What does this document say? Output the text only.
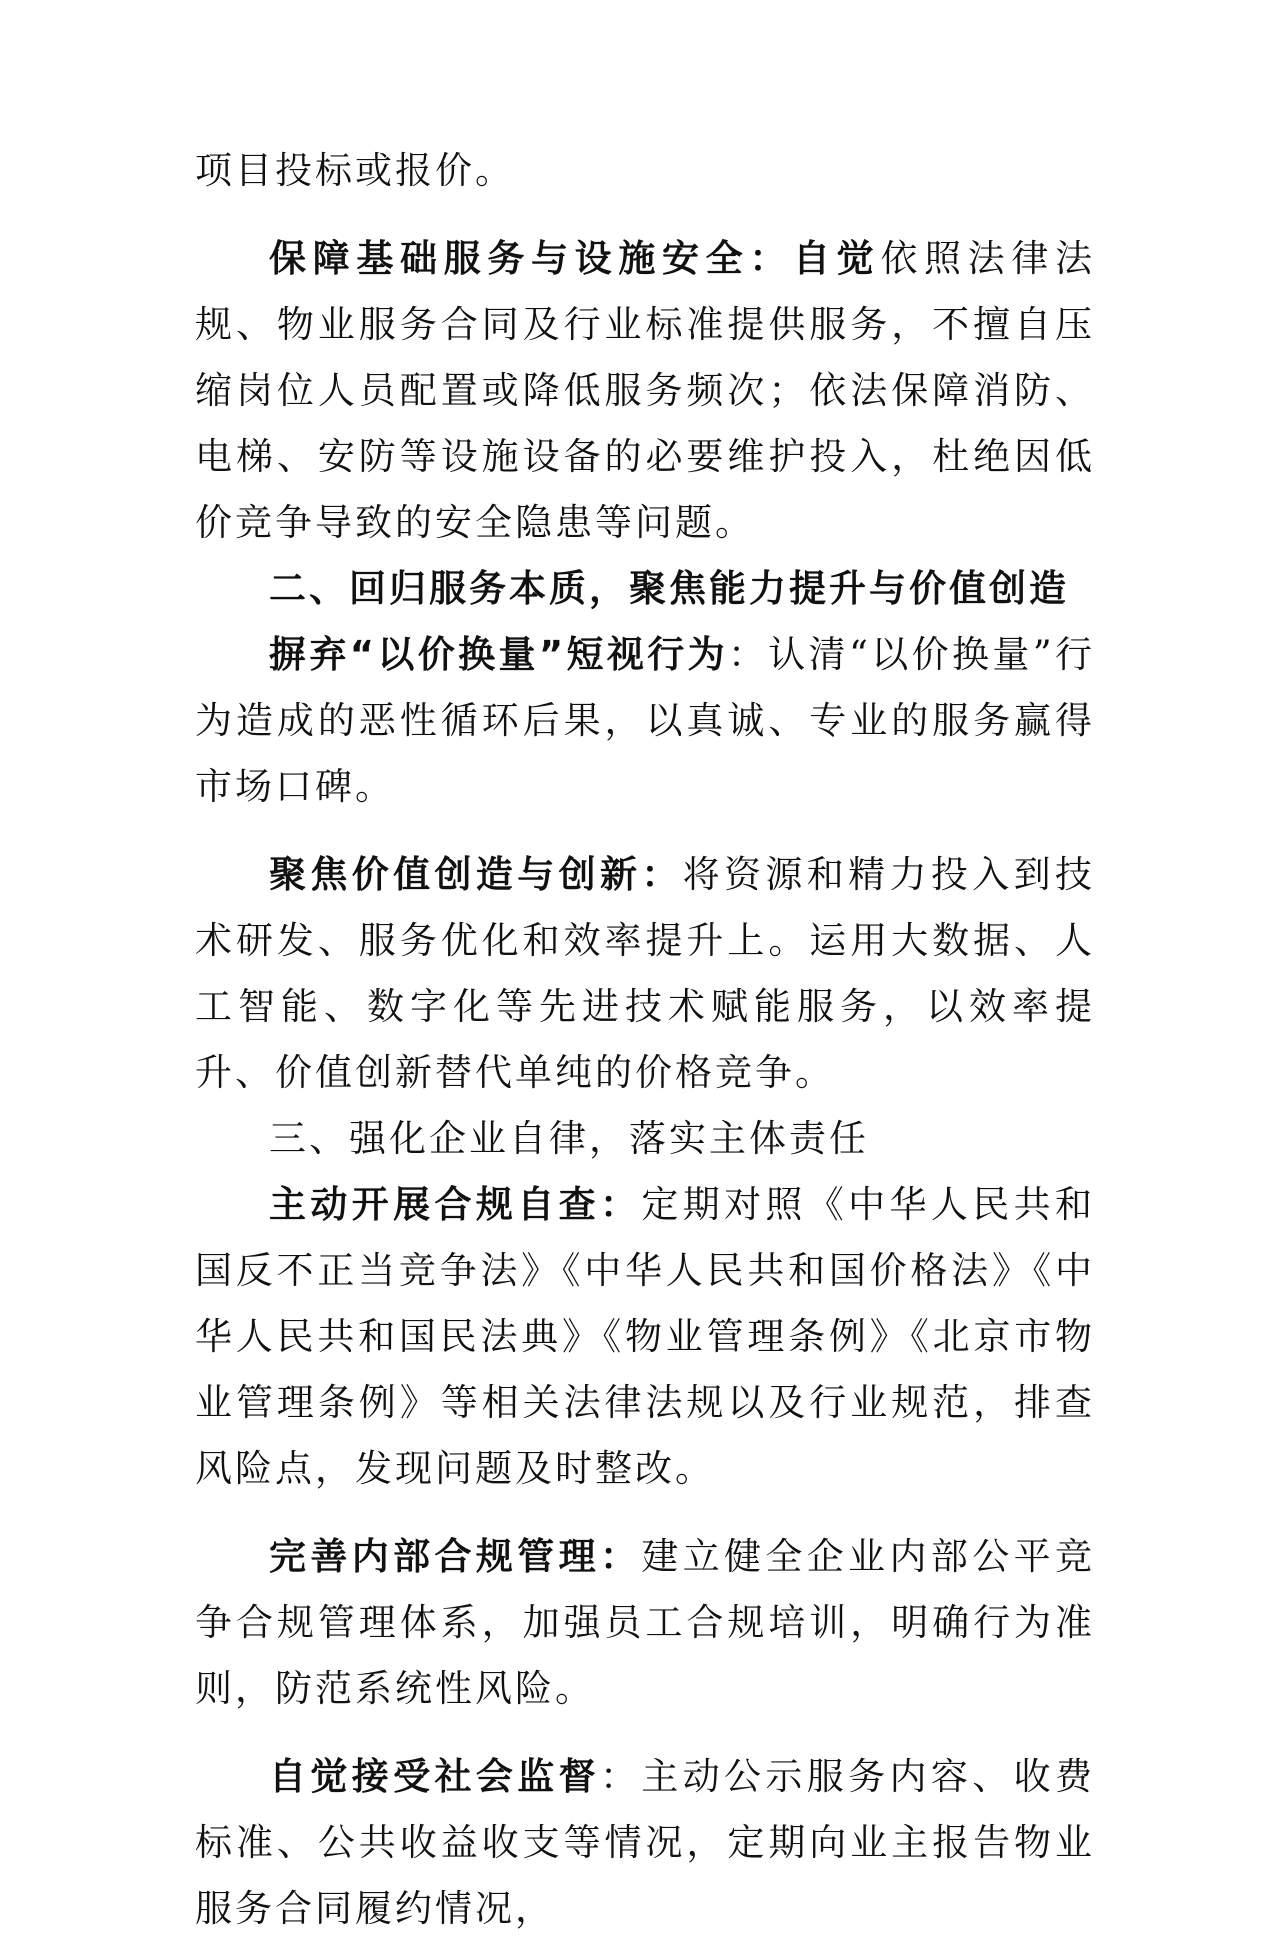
项目投标或报价。

保障基础服务与设施安全：自觉依照法律法规、物业服务合同及行业标准提供服务，不擅自压缩岗位人员配置或降低服务频次；依法保障消防、电梯、安防等设施设备的必要维护投入，杜绝因低价竞争导致的安全隐患等问题。

二、回归服务本质，聚焦能力提升与价值创造

摒弃“以价换量”短视行为：认清“以价换量”行为造成的恶性循环后果，以真诚、专业的服务赢得市场口碑。

聚焦价值创造与创新：将资源和精力投入到技术研发、服务优化和效率提升上。运用大数据、人工智能、数字化等先进技术赋能服务，以效率提升、价值创新替代单纯的价格竞争。

三、强化企业自律，落实主体责任

主动开展合规自查：定期对照《中华人民共和国反不正当竞争法》《中华人民共和国价格法》《中华人民共和国民法典》《物业管理条例》《北京市物业管理条例》等相关法律法规以及行业规范，排查风险点，发现问题及时整改。

完善内部合规管理：建立健全企业内部公平竞争合规管理体系，加强员工合规培训，明确行为准则，防范系统性风险。

自觉接受社会监督：主动公示服务内容、收费标准、公共收益收支等情况，定期向业主报告物业服务合同履约情况，
